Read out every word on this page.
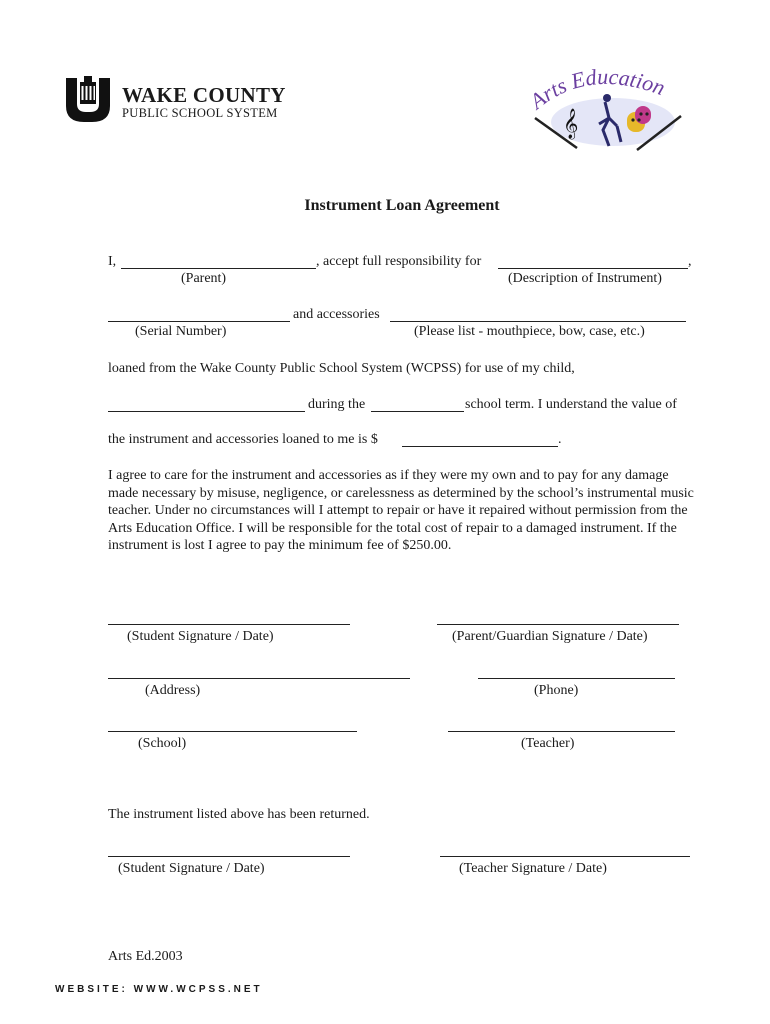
WAKE COUNTY
PUBLIC SCHOOL SYSTEM	Arts Education
𝄞
Instrument Loan Agreement
I,	, accept full responsibility for	,
(Parent)	(Description of Instrument)
and accessories
(Serial Number)	(Please list - mouthpiece, bow, case, etc.)
loaned from the Wake County Public School System (WCPSS) for use of my child,
during the	school term. I understand the value of
the instrument and accessories loaned to me is $	.
I agree to care for the instrument and accessories as if they were my own and to pay for any damage made necessary by misuse, negligence, or carelessness as determined by the school’s instrumental music teacher. Under no circumstances will I attempt to repair or have it repaired without permission from the Arts Education Office. I will be responsible for the total cost of repair to a damaged instrument. If the instrument is lost I agree to pay the minimum fee of $250.00.
(Student Signature / Date)	(Parent/Guardian Signature / Date)
(Address)	(Phone)
(School)	(Teacher)
The instrument listed above has been returned.
(Student Signature / Date)	(Teacher Signature / Date)
Arts Ed.2003
WEBSITE: WWW.WCPSS.NET
